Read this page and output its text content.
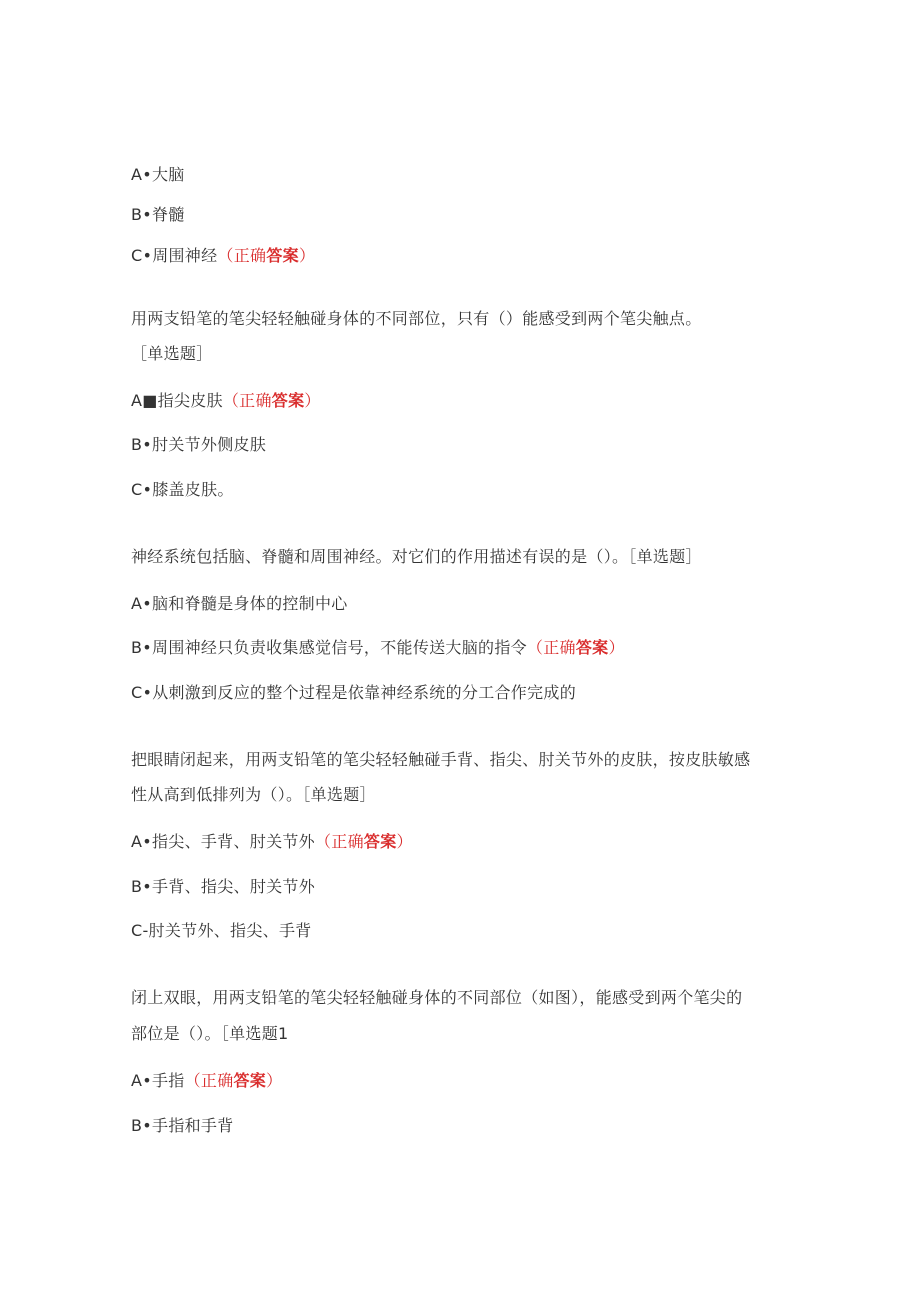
A•大脑
B•脊髓
C•周围神经（正确答案）
用两支铅笔的笔尖轻轻触碰身体的不同部位，只有（）能感受到两个笔尖触点。
［单选题］
A■指尖皮肤（正确答案）
B•肘关节外侧皮肤
C•膝盖皮肤。
神经系统包括脑、脊髓和周围神经。对它们的作用描述有误的是（）。［单选题］
A•脑和脊髓是身体的控制中心
B•周围神经只负责收集感觉信号，不能传送大脑的指令（正确答案）
C•从刺激到反应的整个过程是依靠神经系统的分工合作完成的
把眼睛闭起来，用两支铅笔的笔尖轻轻触碰手背、指尖、肘关节外的皮肤，按皮肤敏感
性从高到低排列为（）。［单选题］
A•指尖、手背、肘关节外（正确答案）
B•手背、指尖、肘关节外
C-肘关节外、指尖、手背
闭上双眼，用两支铅笔的笔尖轻轻触碰身体的不同部位（如图），能感受到两个笔尖的
部位是（）。［单选题1
A•手指（正确答案）
B•手指和手背
